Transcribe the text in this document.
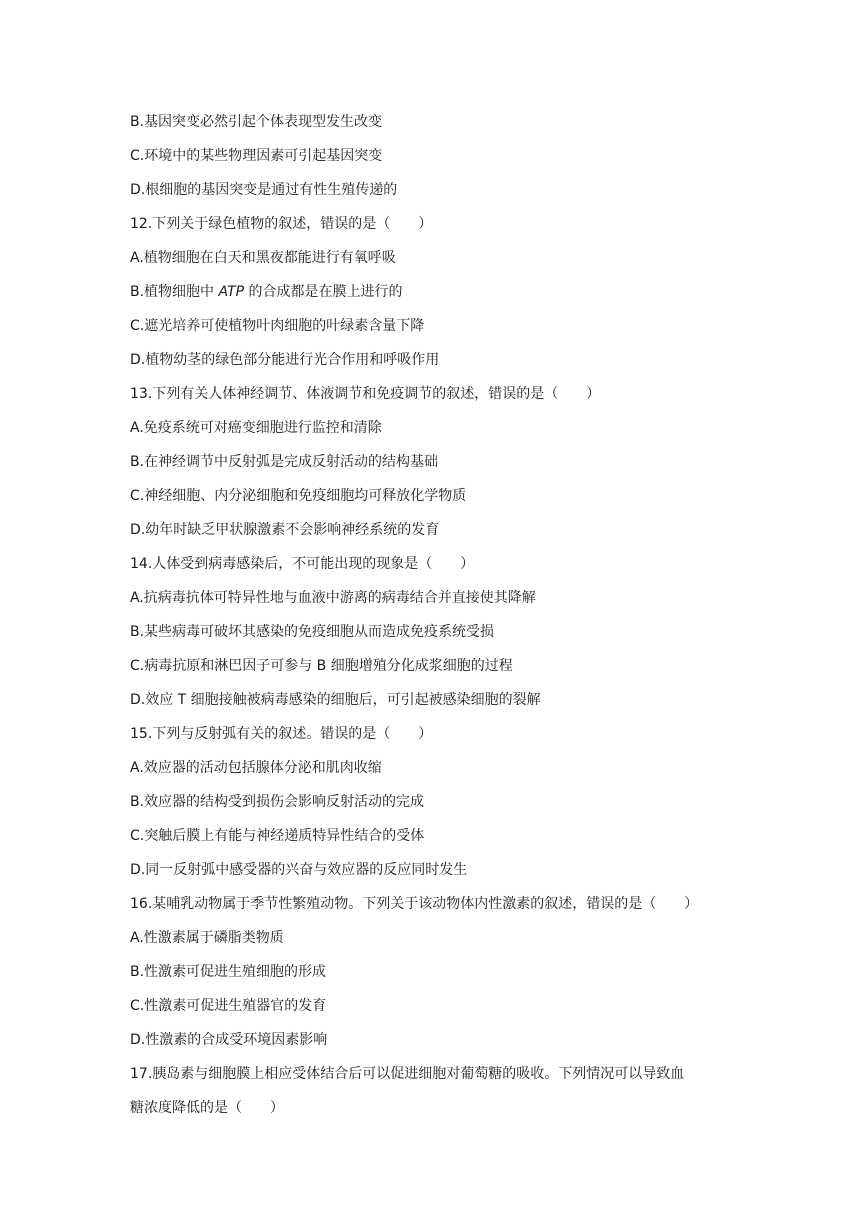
B.基因突变必然引起个体表现型发生改变
C.环境中的某些物理因素可引起基因突变
D.根细胞的基因突变是通过有性生殖传递的
12.下列关于绿色植物的叙述，错误的是（　　）
A.植物细胞在白天和黑夜都能进行有氧呼吸
B.植物细胞中 ATP 的合成都是在膜上进行的
C.遮光培养可使植物叶肉细胞的叶绿素含量下降
D.植物幼茎的绿色部分能进行光合作用和呼吸作用
13.下列有关人体神经调节、体液调节和免疫调节的叙述，错误的是（　　）
A.免疫系统可对癌变细胞进行监控和清除
B.在神经调节中反射弧是完成反射活动的结构基础
C.神经细胞、内分泌细胞和免疫细胞均可释放化学物质
D.幼年时缺乏甲状腺激素不会影响神经系统的发育
14.人体受到病毒感染后，不可能出现的现象是（　　）
A.抗病毒抗体可特异性地与血液中游离的病毒结合并直接使其降解
B.某些病毒可破坏其感染的免疫细胞从而造成免疫系统受损
C.病毒抗原和淋巴因子可参与 B 细胞增殖分化成浆细胞的过程
D.效应 T 细胞接触被病毒感染的细胞后，可引起被感染细胞的裂解
15.下列与反射弧有关的叙述。错误的是（　　）
A.效应器的活动包括腺体分泌和肌肉收缩
B.效应器的结构受到损伤会影响反射活动的完成
C.突触后膜上有能与神经递质特异性结合的受体
D.同一反射弧中感受器的兴奋与效应器的反应同时发生
16.某哺乳动物属于季节性繁殖动物。下列关于该动物体内性激素的叙述，错误的是（　　）
A.性激素属于磷脂类物质
B.性激素可促进生殖细胞的形成
C.性激素可促进生殖器官的发育
D.性激素的合成受环境因素影响
17.胰岛素与细胞膜上相应受体结合后可以促进细胞对葡萄糖的吸收。下列情况可以导致血
糖浓度降低的是（　　）
